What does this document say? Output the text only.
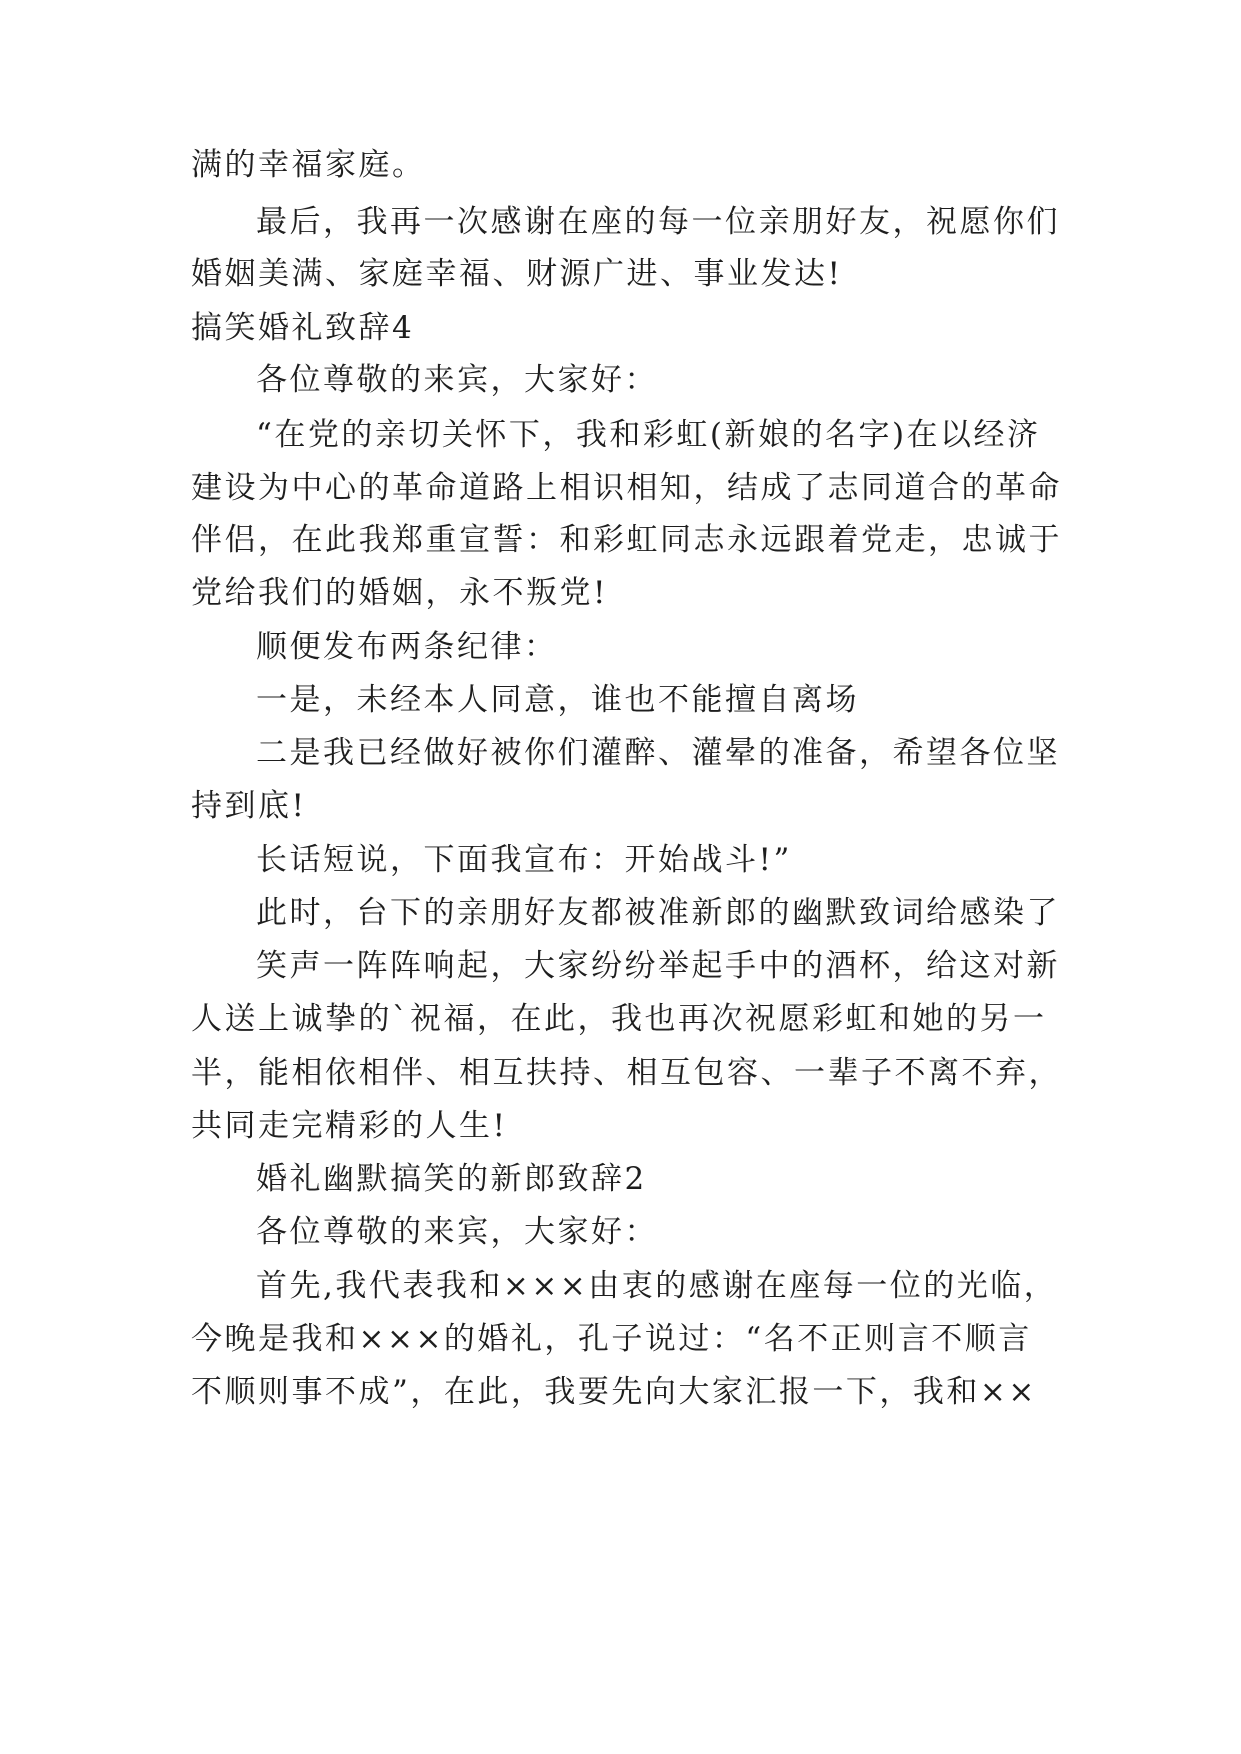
满的幸福家庭。
最后，我再一次感谢在座的每一位亲朋好友，祝愿你们
婚姻美满、家庭幸福、财源广进、事业发达!
搞笑婚礼致辞4
各位尊敬的来宾，大家好：
“在党的亲切关怀下，我和彩虹(新娘的名字)在以经济
建设为中心的革命道路上相识相知，结成了志同道合的革命
伴侣，在此我郑重宣誓：和彩虹同志永远跟着党走，忠诚于
党给我们的婚姻，永不叛党!
顺便发布两条纪律：
一是，未经本人同意，谁也不能擅自离场
二是我已经做好被你们灌醉、灌晕的准备，希望各位坚
持到底!
长话短说，下面我宣布：开始战斗!”
此时，台下的亲朋好友都被准新郎的幽默致词给感染了
笑声一阵阵响起，大家纷纷举起手中的酒杯，给这对新
人送上诚挚的`祝福，在此，我也再次祝愿彩虹和她的另一
半，能相依相伴、相互扶持、相互包容、一辈子不离不弃，
共同走完精彩的人生!
婚礼幽默搞笑的新郎致辞2
各位尊敬的来宾，大家好：
首先,我代表我和×××由衷的感谢在座每一位的光临，
今晚是我和×××的婚礼，孔子说过：“名不正则言不顺言
不顺则事不成”，在此，我要先向大家汇报一下，我和××
